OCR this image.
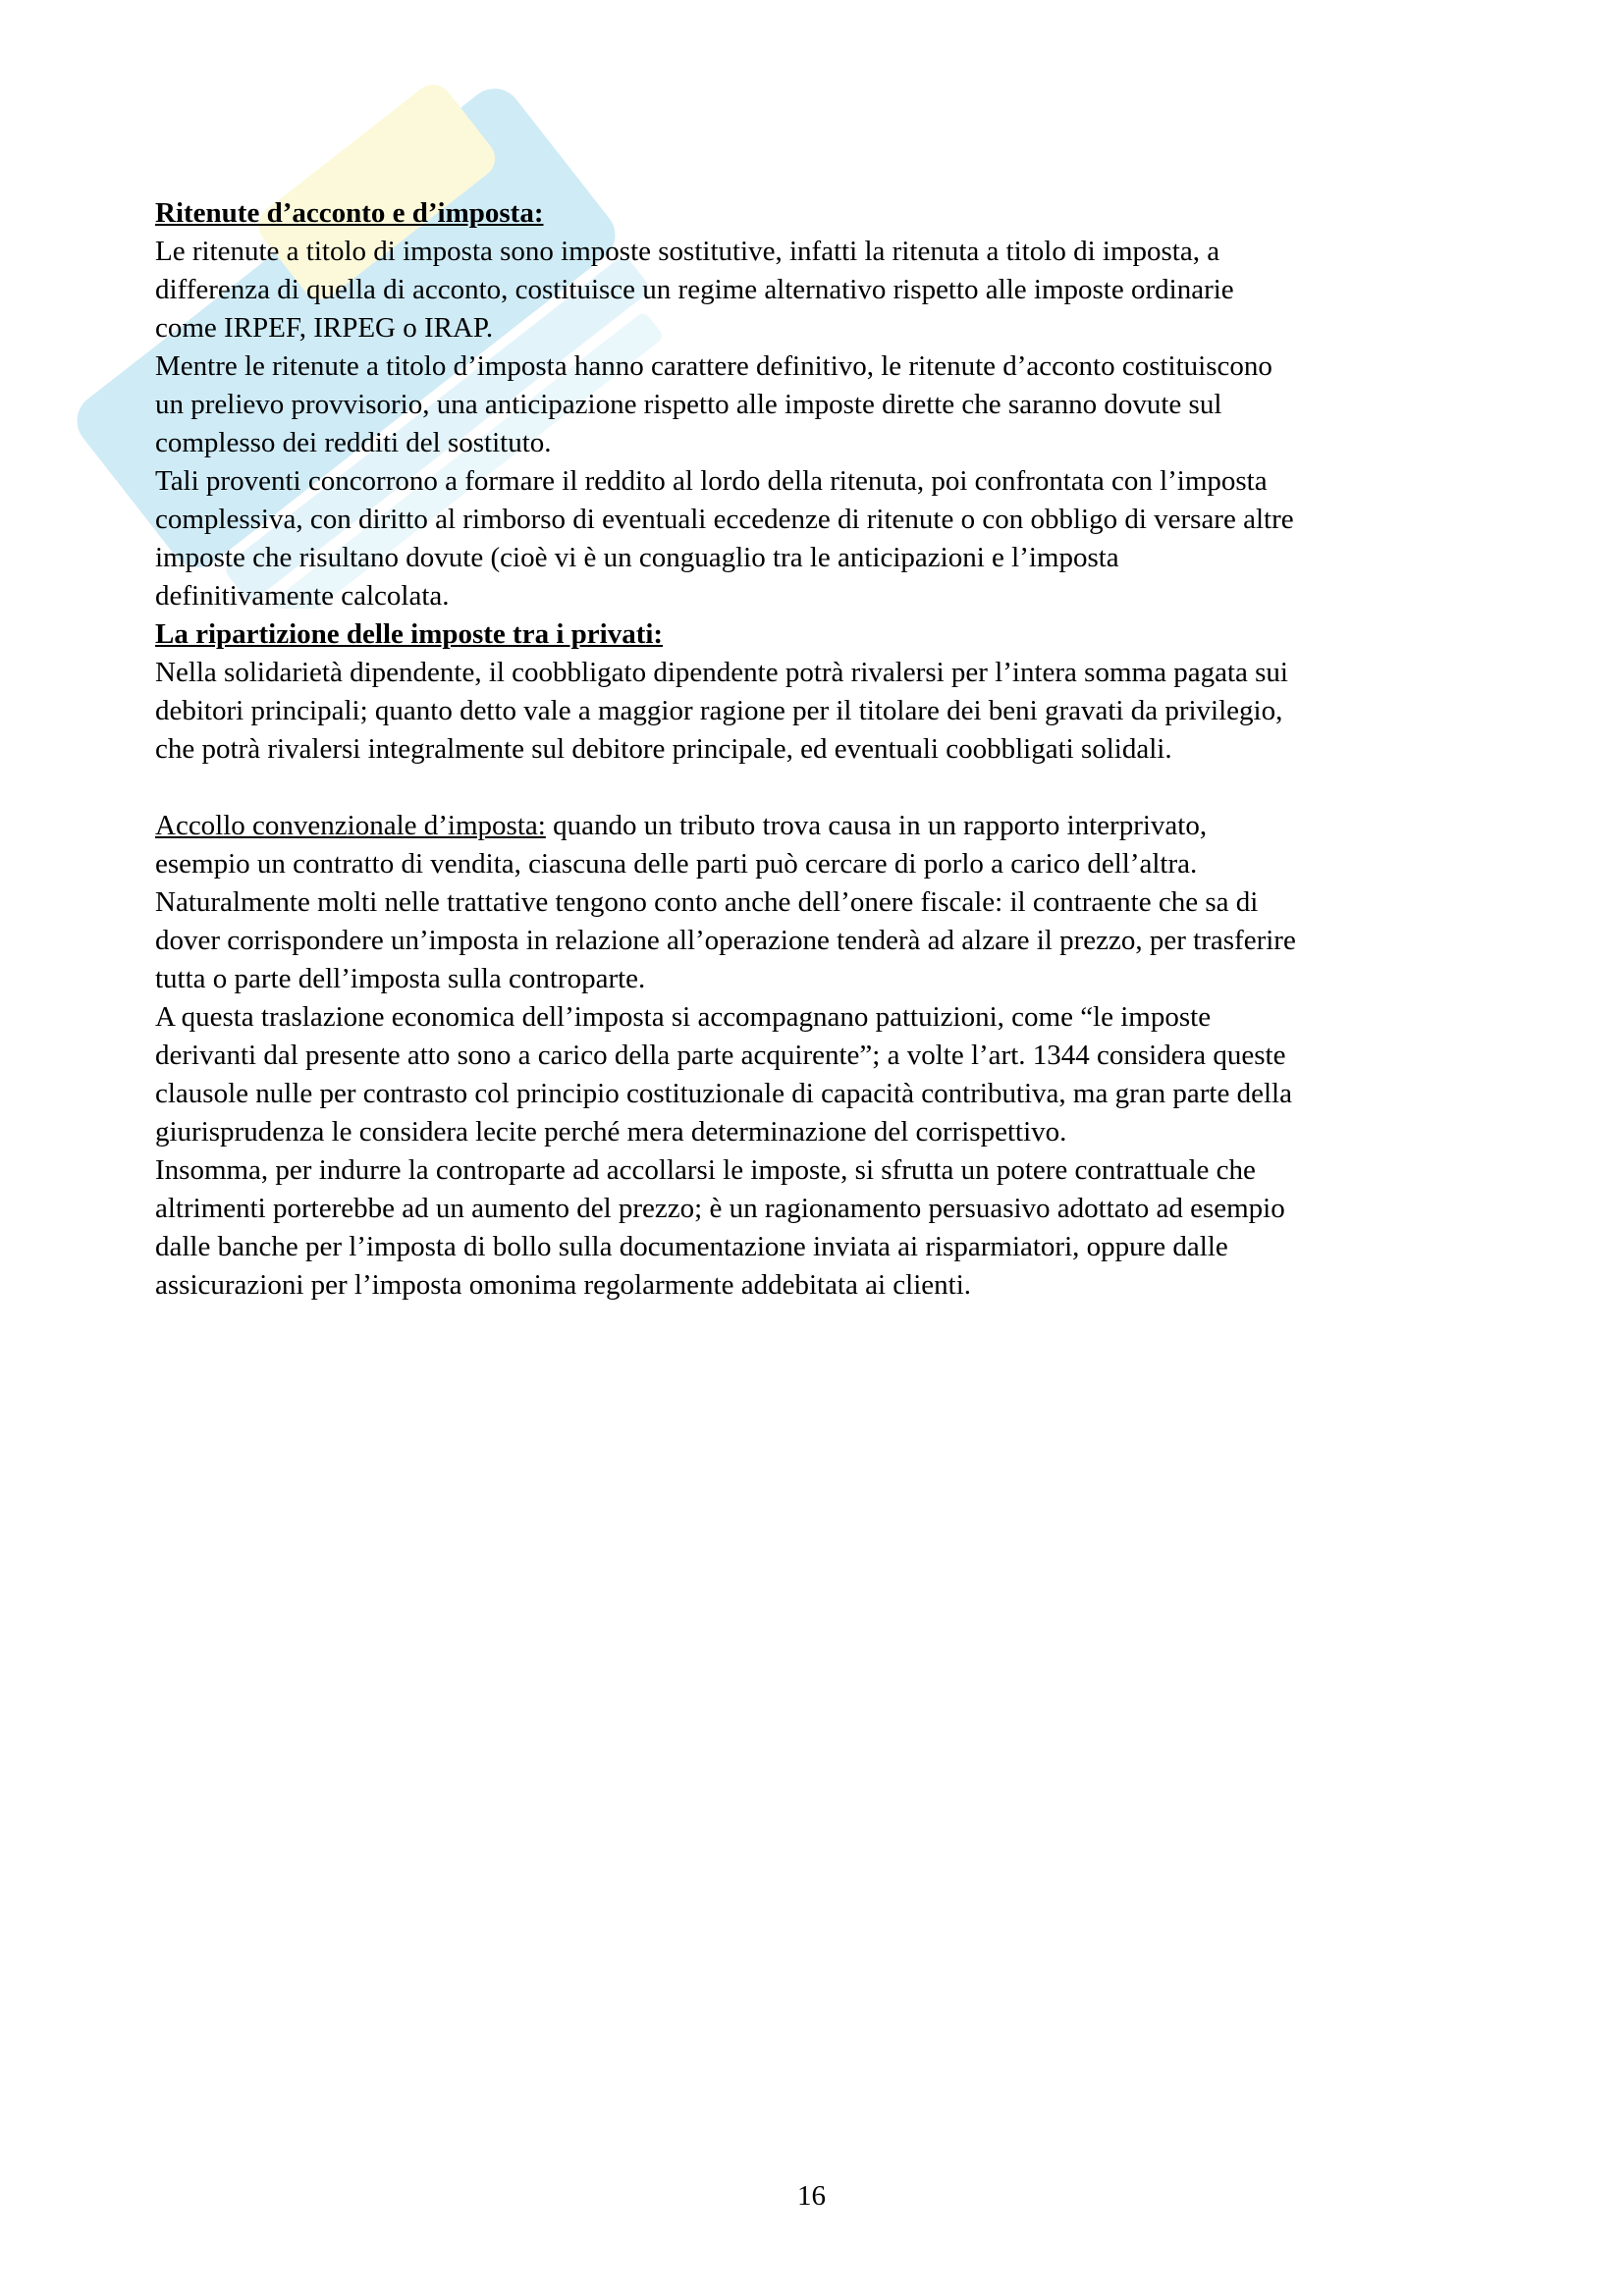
Ritenute d’acconto e d’imposta:
Le ritenute a titolo di imposta sono imposte sostitutive, infatti la ritenuta a titolo di imposta, a
differenza di quella di acconto, costituisce un regime alternativo rispetto alle imposte ordinarie
come IRPEF, IRPEG o IRAP.
Mentre le ritenute a titolo d’imposta hanno carattere definitivo, le ritenute d’acconto costituiscono
un prelievo provvisorio, una anticipazione rispetto alle imposte dirette che saranno dovute sul
complesso dei redditi del sostituto.
Tali proventi concorrono a formare il reddito al lordo della ritenuta, poi confrontata con l’imposta
complessiva, con diritto al rimborso di eventuali eccedenze di ritenute o con obbligo di versare altre
imposte che risultano dovute (cioè vi è un conguaglio tra le anticipazioni e l’imposta
definitivamente calcolata.
La ripartizione delle imposte tra i privati:
Nella solidarietà dipendente, il coobbligato dipendente potrà rivalersi per l’intera somma pagata sui
debitori principali; quanto detto vale a maggior ragione per il titolare dei beni gravati da privilegio,
che potrà rivalersi integralmente sul debitore principale, ed eventuali coobbligati solidali.
Accollo convenzionale d’imposta: quando un tributo trova causa in un rapporto interprivato,
esempio un contratto di vendita, ciascuna delle parti può cercare di porlo a carico dell’altra.
Naturalmente molti nelle trattative tengono conto anche dell’onere fiscale: il contraente che sa di
dover corrispondere un’imposta in relazione all’operazione tenderà ad alzare il prezzo, per trasferire
tutta o parte dell’imposta sulla controparte.
A questa traslazione economica dell’imposta si accompagnano pattuizioni, come “le imposte
derivanti dal presente atto sono a carico della parte acquirente”; a volte l’art. 1344 considera queste
clausole nulle per contrasto col principio costituzionale di capacità contributiva, ma gran parte della
giurisprudenza le considera lecite perché mera determinazione del corrispettivo.
Insomma, per indurre la controparte ad accollarsi le imposte, si sfrutta un potere contrattuale che
altrimenti porterebbe ad un aumento del prezzo; è un ragionamento persuasivo adottato ad esempio
dalle banche per l’imposta di bollo sulla documentazione inviata ai risparmiatori, oppure dalle
assicurazioni per l’imposta omonima regolarmente addebitata ai clienti.
16
